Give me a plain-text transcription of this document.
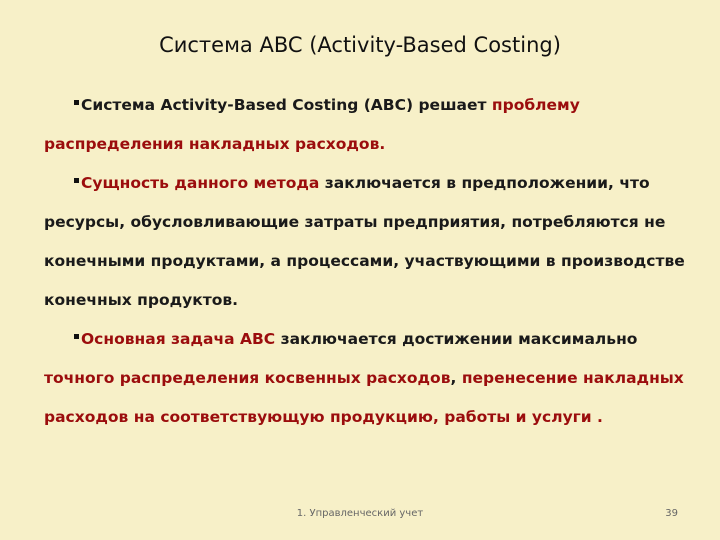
Система ABC (Activity-Based Costing)

Система Activity-Based Costing (ABC) решает проблему распределения накладных расходов.

Сущность данного метода заключается в предположении, что ресурсы, обусловливающие затраты предприятия, потребляются не конечными продуктами, а процессами, участвующими в производстве конечных продуктов.

Основная задача ABC заключается достижении максимально точного распределения косвенных расходов, перенесение накладных расходов на соответствующую продукцию, работы и услуги .

1. Управленческий учет	39
